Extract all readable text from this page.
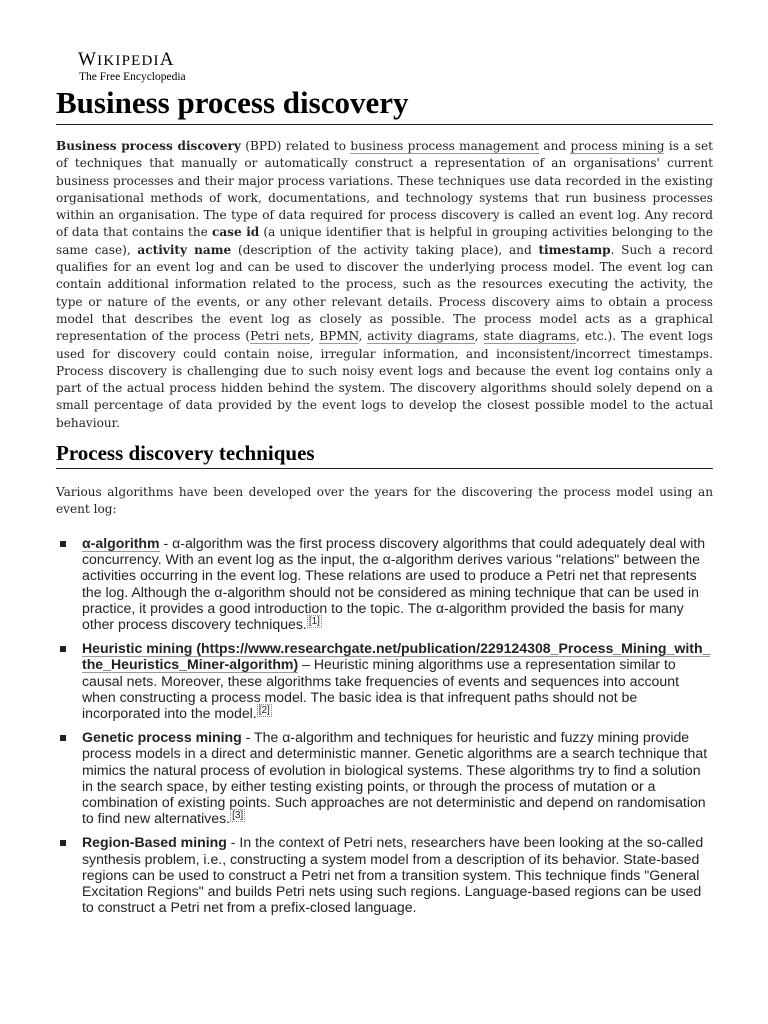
WIKIPEDIA
The Free Encyclopedia
Business process discovery

Business process discovery (BPD) related to business process management and process mining is a set of techniques that manually or automatically construct a representation of an organisations' current business processes and their major process variations. These techniques use data recorded in the existing organisational methods of work, documentations, and technology systems that run business processes within an organisation. The type of data required for process discovery is called an event log. Any record of data that contains the case id (a unique identifier that is helpful in grouping activities belonging to the same case), activity name (description of the activity taking place), and timestamp. Such a record qualifies for an event log and can be used to discover the underlying process model. The event log can contain additional information related to the process, such as the resources executing the activity, the type or nature of the events, or any other relevant details. Process discovery aims to obtain a process model that describes the event log as closely as possible. The process model acts as a graphical representation of the process (Petri nets, BPMN, activity diagrams, state diagrams, etc.). The event logs used for discovery could contain noise, irregular information, and inconsistent/incorrect timestamps. Process discovery is challenging due to such noisy event logs and because the event log contains only a part of the actual process hidden behind the system. The discovery algorithms should solely depend on a small percentage of data provided by the event logs to develop the closest possible model to the actual behaviour.

Process discovery techniques

Various algorithms have been developed over the years for the discovering the process model using an event log:

α-algorithm - α-algorithm was the first process discovery algorithms that could adequately deal with concurrency. With an event log as the input, the α-algorithm derives various "relations" between the activities occurring in the event log. These relations are used to produce a Petri net that represents the log. Although the α-algorithm should not be considered as mining technique that can be used in practice, it provides a good introduction to the topic. The α-algorithm provided the basis for many other process discovery techniques. [1]
Heuristic mining (https://www.researchgate.net/publication/229124308_Process_Mining_with_the_Heuristics_Miner-algorithm) – Heuristic mining algorithms use a representation similar to causal nets. Moreover, these algorithms take frequencies of events and sequences into account when constructing a process model. The basic idea is that infrequent paths should not be incorporated into the model. [2]
Genetic process mining - The α-algorithm and techniques for heuristic and fuzzy mining provide process models in a direct and deterministic manner. Genetic algorithms are a search technique that mimics the natural process of evolution in biological systems. These algorithms try to find a solution in the search space, by either testing existing points, or through the process of mutation or a combination of existing points. Such approaches are not deterministic and depend on randomisation to find new alternatives. [3]
Region-Based mining - In the context of Petri nets, researchers have been looking at the so-called synthesis problem, i.e., constructing a system model from a description of its behavior. State-based regions can be used to construct a Petri net from a transition system. This technique finds "General Excitation Regions" and builds Petri nets using such regions. Language-based regions can be used to construct a Petri net from a prefix-closed language.
